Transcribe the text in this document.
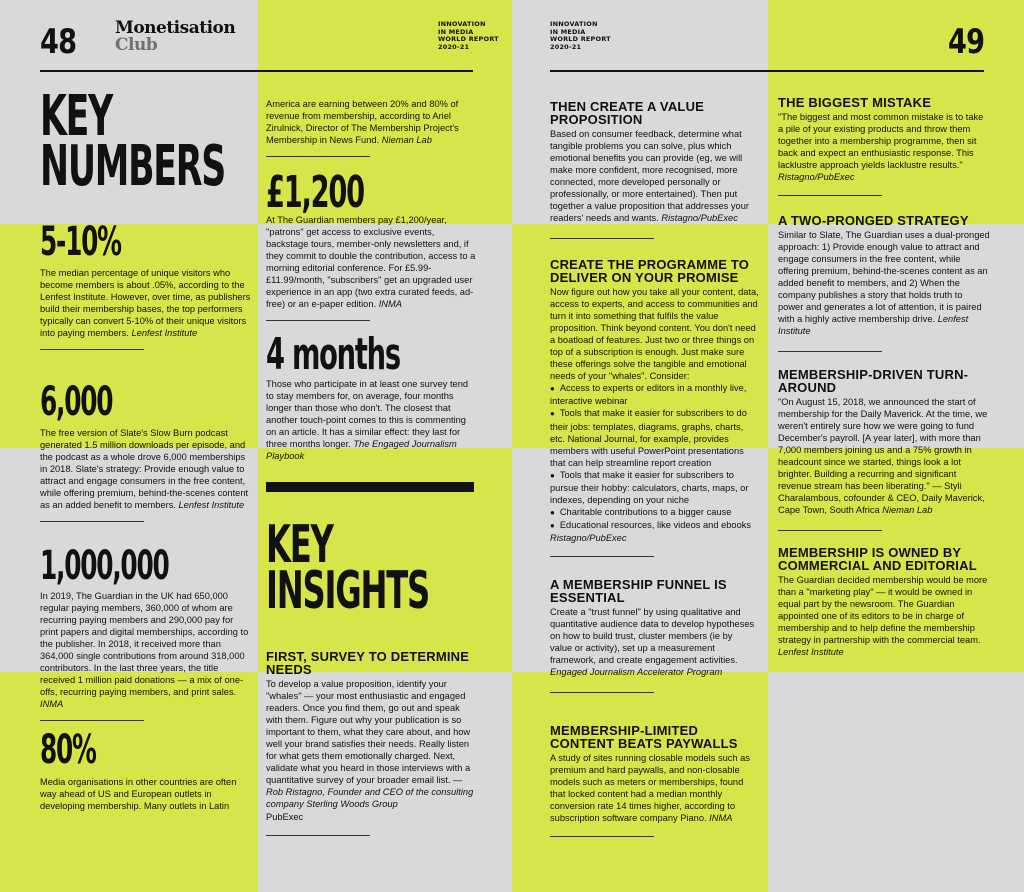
48 Monetisation
Club
INNOVATION
IN MEDIA
WORLD REPORT
2020-21
INNOVATION
IN MEDIA
WORLD REPORT
2020-21	49
KEY
NUMBERS
5-10%
The median percentage of unique visitors who become members is about .05%, according to the Lenfest Institute. However, over time, as publishers build their membership bases, the top performers typically can convert 5-10% of their unique visitors into paying members. Lenfest Institute
6,000
The free version of Slate's Slow Burn podcast generated 1.5 million downloads per episode, and the podcast as a whole drove 6,000 memberships in 2018. Slate's strategy: Provide enough value to attract and engage consumers in the free content, while offering premium, behind-the-scenes content as an added benefit to members. Lenfest Institute
1,000,000
In 2019, The Guardian in the UK had 650,000 regular paying members, 360,000 of whom are recurring paying members and 290,000 pay for print papers and digital memberships, according to the publisher. In 2018, it received more than 364,000 single contributions from around 318,000 contributors. In the last three years, the title received 1 million paid donations — a mix of one-offs, recurring paying members, and print sales. INMA
80%
Media organisations in other countries are often way ahead of US and European outlets in developing membership. Many outlets in Latin
America are earning between 20% and 80% of revenue from membership, according to Ariel Zirulnick, Director of The Membership Project's Membership in News Fund. Nieman Lab
£1,200
At The Guardian members pay £1,200/year, "patrons" get access to exclusive events, backstage tours, member-only newsletters and, if they commit to double the contribution, access to a morning editorial conference. For £5.99-£11.99/month, "subscribers" get an upgraded user experience in an app (two extra curated feeds, ad-free) or an e-paper edition. INMA
4 months
Those who participate in at least one survey tend to stay members for, on average, four months longer than those who don't. The closest that another touch-point comes to this is commenting on an article. It has a similar effect: they last for three months longer. The Engaged Journalism Playbook
KEY
INSIGHTS
FIRST, SURVEY TO DETERMINE NEEDS
To develop a value proposition, identify your "whales" — your most enthusiastic and engaged readers. Once you find them, go out and speak with them. Figure out why your publication is so important to them, what they care about, and how well your brand satisfies their needs. Really listen for what gets them emotionally charged. Next, validate what you heard in those interviews with a quantitative survey of your broader email list. — Rob Ristagno, Founder and CEO of the consulting company Sterling Woods Group
PubExec
THEN CREATE A VALUE PROPOSITION
Based on consumer feedback, determine what tangible problems you can solve, plus which emotional benefits you can provide (eg, we will make more confident, more recognised, more connected, more developed personally or professionally, or more entertained). Then put together a value proposition that addresses your readers' needs and wants. Ristagno/PubExec
CREATE THE PROGRAMME TO DELIVER ON YOUR PROMISE
Now figure out how you take all your content, data, access to experts, and access to communities and turn it into something that fulfils the value proposition. Think beyond content. You don't need a boatload of features. Just two or three things on top of a subscription is enough. Just make sure these offerings solve the tangible and emotional needs of your "whales". Consider:
● Access to experts or editors in a monthly live, interactive webinar
● Tools that make it easier for subscribers to do their jobs: templates, diagrams, graphs, charts, etc. National Journal, for example, provides members with useful PowerPoint presentations that can help streamline report creation
● Tools that make it easier for subscribers to pursue their hobby: calculators, charts, maps, or indexes, depending on your niche
● Charitable contributions to a bigger cause
● Educational resources, like videos and ebooks
Ristagno/PubExec
A MEMBERSHIP FUNNEL IS ESSENTIAL
Create a "trust funnel" by using qualitative and quantitative audience data to develop hypotheses on how to build trust, cluster members (ie by value or activity), set up a measurement framework, and create engagement activities. Engaged Journalism Accelerator Program
MEMBERSHIP-LIMITED CONTENT BEATS PAYWALLS
A study of sites running closable models such as premium and hard paywalls, and non-closable models such as meters or memberships, found that locked content had a median monthly conversion rate 14 times higher, according to subscription software company Piano. INMA
THE BIGGEST MISTAKE
"The biggest and most common mistake is to take a pile of your existing products and throw them together into a membership programme, then sit back and expect an enthusiastic response. This lacklustre approach yields lacklustre results." Ristagno/PubExec
A TWO-PRONGED STRATEGY
Similar to Slate, The Guardian uses a dual-pronged approach: 1) Provide enough value to attract and engage consumers in the free content, while offering premium, behind-the-scenes content as an added benefit to members, and 2) When the company publishes a story that holds truth to power and generates a lot of attention, it is paired with a highly active membership drive. Lenfest Institute
MEMBERSHIP-DRIVEN TURN-AROUND
"On August 15, 2018, we announced the start of membership for the Daily Maverick. At the time, we weren't entirely sure how we were going to fund December's payroll. [A year later], with more than 7,000 members joining us and a 75% growth in headcount since we started, things look a lot brighter. Building a recurring and significant revenue stream has been liberating." — Styli Charalambous, cofounder & CEO, Daily Maverick, Cape Town, South Africa Nieman Lab
MEMBERSHIP IS OWNED BY COMMERCIAL AND EDITORIAL
The Guardian decided membership would be more than a "marketing play" — it would be owned in equal part by the newsroom. The Guardian appointed one of its editors to be in charge of membership and to help define the membership strategy in partnership with the commercial team. Lenfest Institute
